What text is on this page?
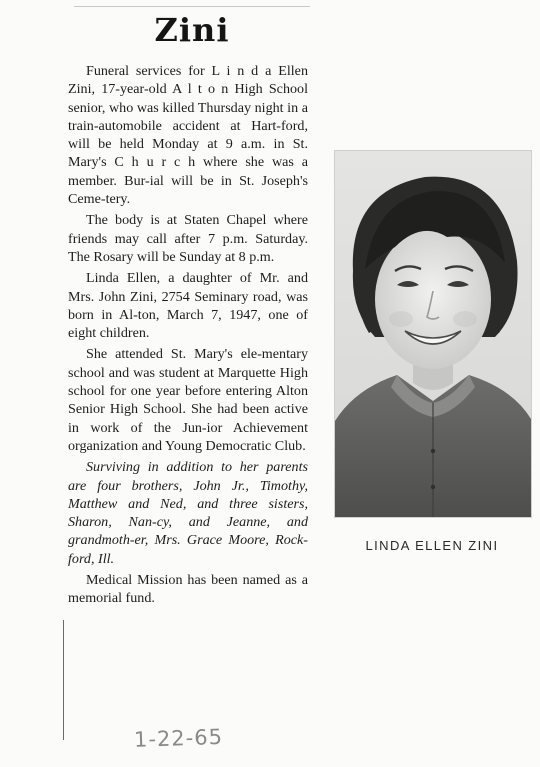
Zini

Funeral services for L i n d a Ellen Zini, 17-year-old A l t o n High School senior, who was killed Thursday night in a train-automobile accident at Hart-ford, will be held Monday at 9 a.m. in St. Mary's C h u r c h where she was a member. Bur-ial will be in St. Joseph's Ceme-tery.

The body is at Staten Chapel where friends may call after 7 p.m. Saturday. The Rosary will be Sunday at 8 p.m.

Linda Ellen, a daughter of Mr. and Mrs. John Zini, 2754 Seminary road, was born in Al-ton, March 7, 1947, one of eight children.

She attended St. Mary's ele-mentary school and was student at Marquette High school for one year before entering Alton Senior High School. She had been active in work of the Jun-ior Achievement organization and Young Democratic Club.

Surviving in addition to her parents are four brothers, John Jr., Timothy, Matthew and Ned, and three sisters, Sharon, Nan-cy, and Jeanne, and grandmoth-er, Mrs. Grace Moore, Rock-ford, Ill.

Medical Mission has been named as a memorial fund.

LINDA ELLEN ZINI
1-22-65
